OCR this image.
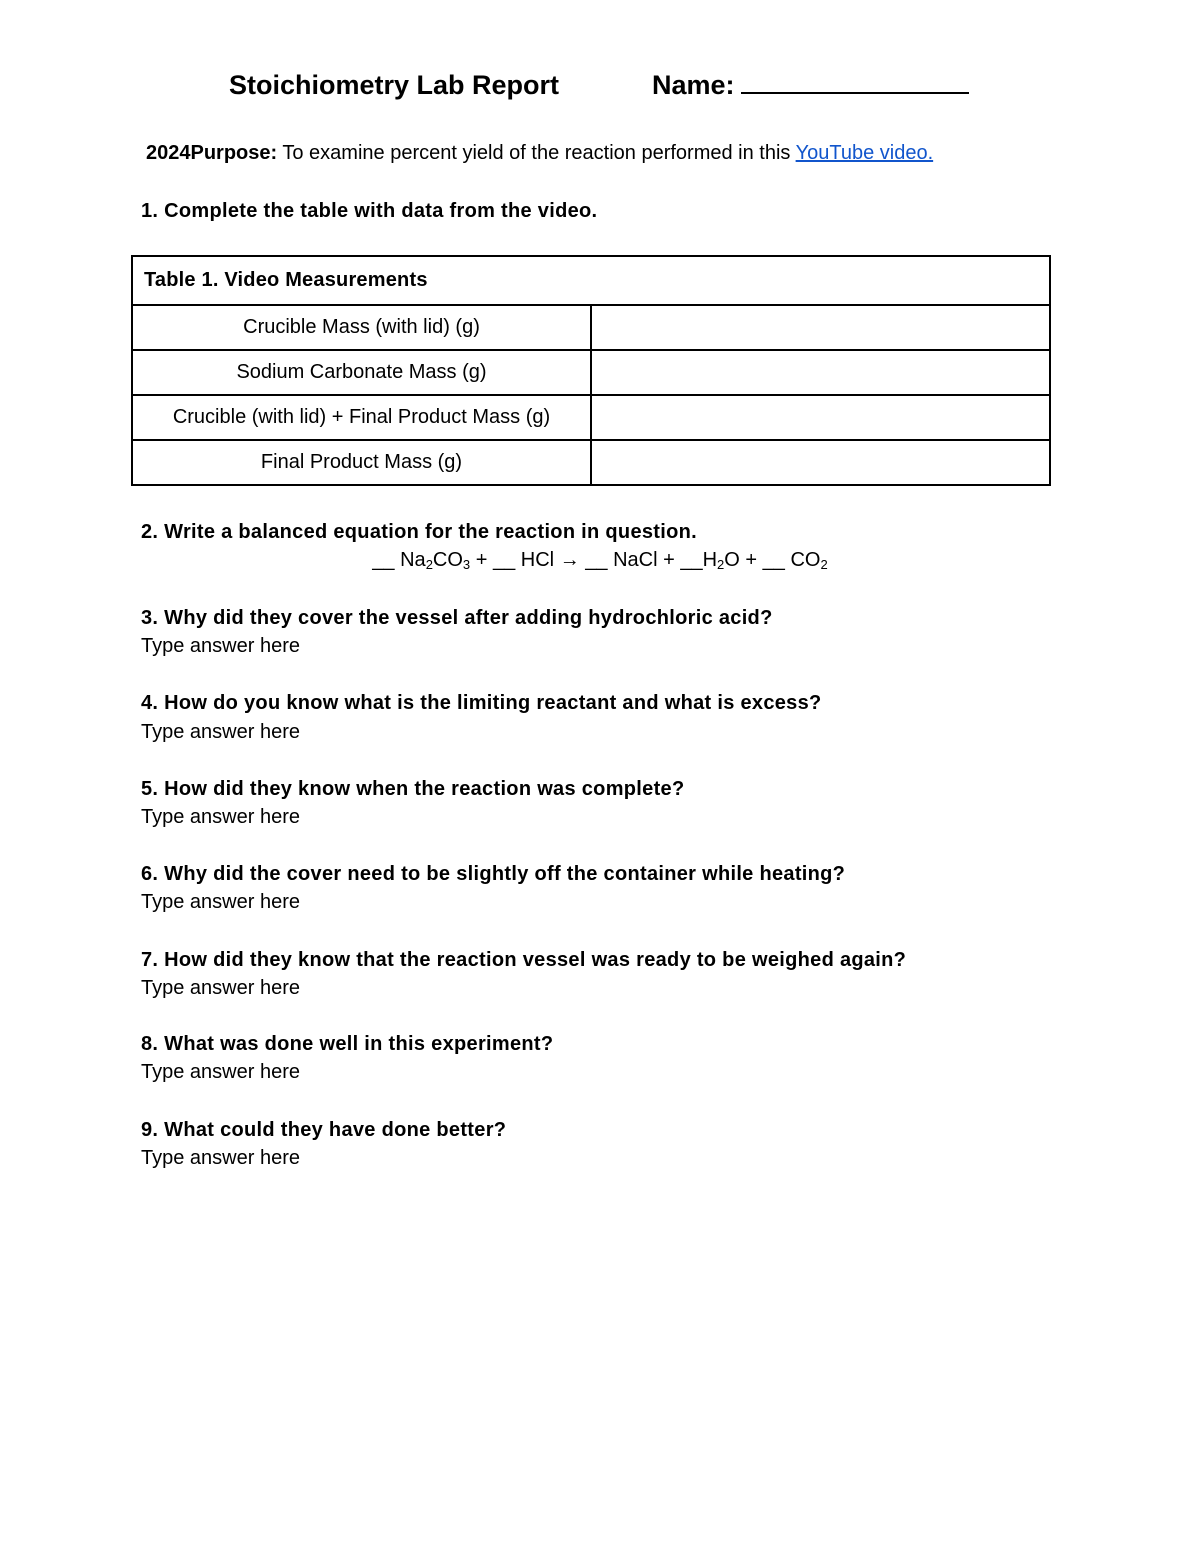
Stoichiometry Lab Report	Name:
2024Purpose: To examine percent yield of the reaction performed in this YouTube video.
1. Complete the table with data from the video.
Table 1. Video Measurements	
Crucible Mass (with lid) (g)	
Sodium Carbonate Mass (g)	
Crucible (with lid) + Final Product Mass (g)	
Final Product Mass (g)	
2. Write a balanced equation for the reaction in question.
__ $Na_2CO_3$ + __ HCl → __ NaCl + $\_\_H_2O$ + __ $CO_2$
3. Why did they cover the vessel after adding hydrochloric acid?
Type answer here
4. How do you know what is the limiting reactant and what is excess?
Type answer here
5. How did they know when the reaction was complete?
Type answer here
6. Why did the cover need to be slightly off the container while heating?
Type answer here
7. How did they know that the reaction vessel was ready to be weighed again?
Type answer here
8. What was done well in this experiment?
Type answer here
9. What could they have done better?
Type answer here
